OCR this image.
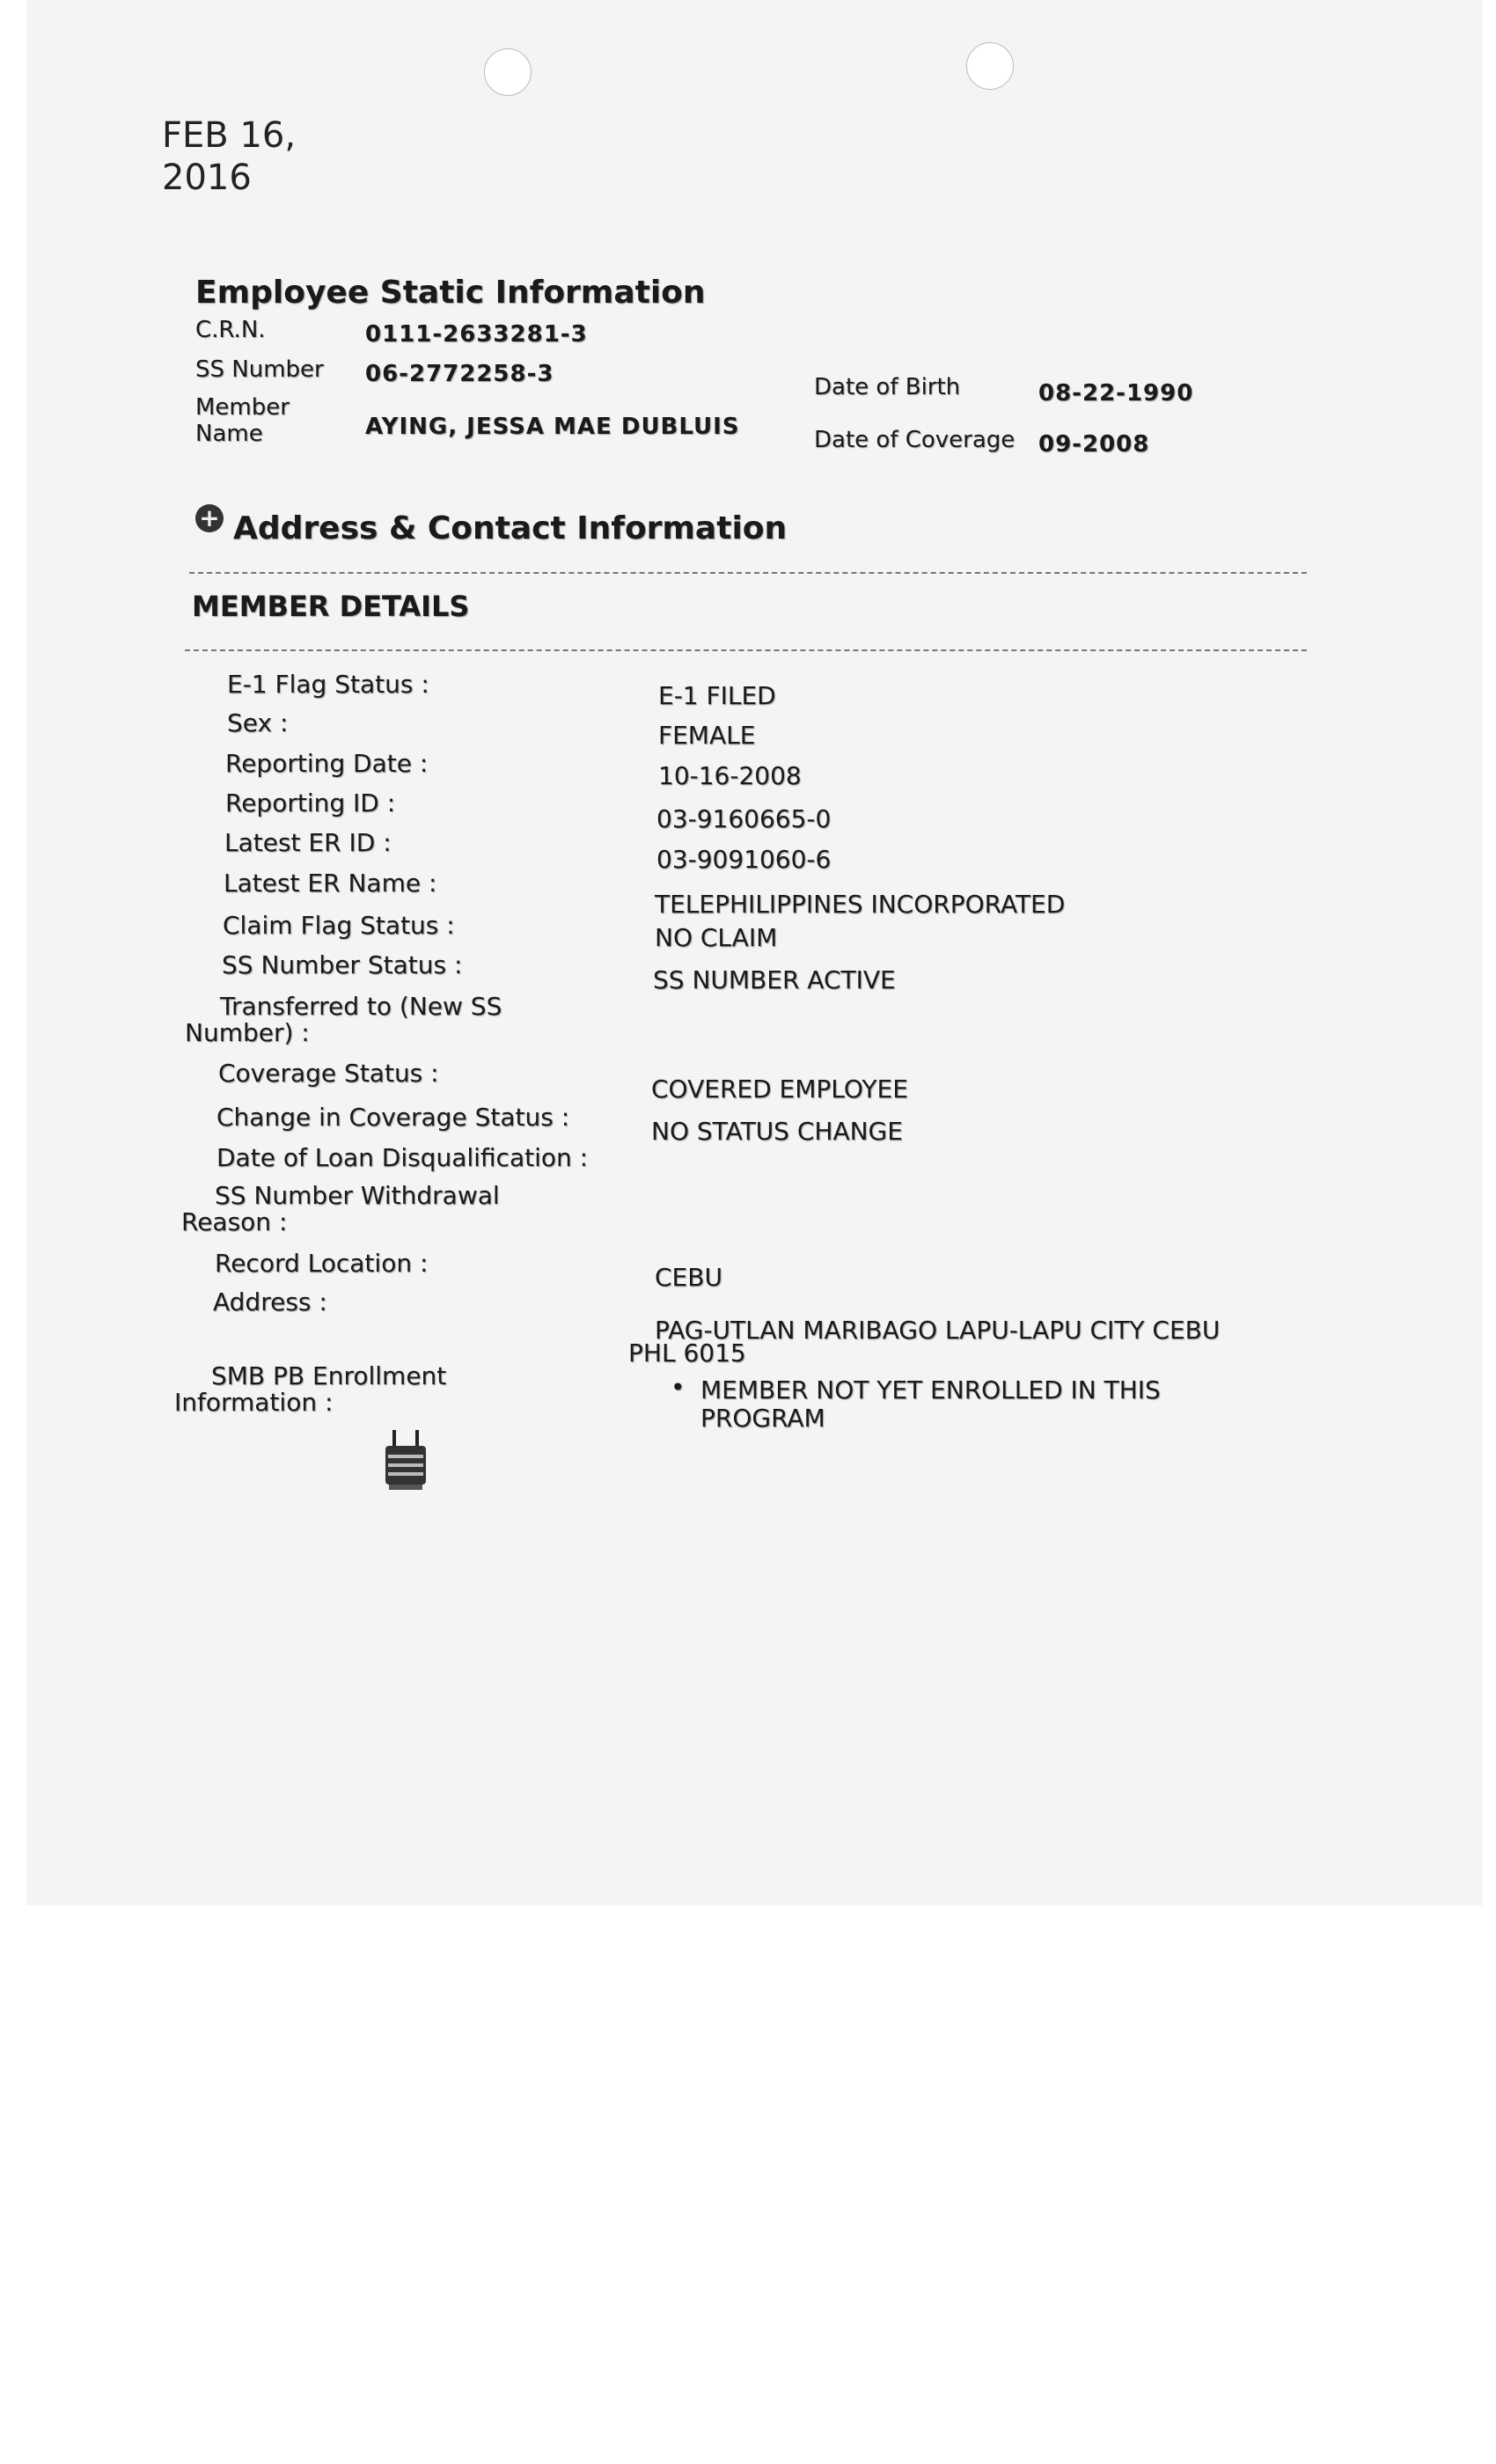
FEB 16,
2016
Employee Static Information
C.R.N.	0111-2633281-3
SS Number 06-2772258-3
Member
Name	AYING, JESSA MAE DUBLUIS
Date of Birth	08-22-1990
Date of Coverage 09-2008
+ Address & Contact Information
MEMBER DETAILS
E-1 Flag Status :	E-1 FILED
Sex :	FEMALE
Reporting Date :	10-16-2008
Reporting ID :
03-9160665-0
Latest ER ID :
03-9091060-6
Latest ER Name :
TELEPHILIPPINES INCORPORATED
Claim Flag Status :	NO CLAIM
SS Number Status :
SS NUMBER ACTIVE
Transferred to (New SS
Number) :
Coverage Status :
COVERED EMPLOYEE
Change in Coverage Status :	NO STATUS CHANGE
Date of Loan Disqualification :
SS Number Withdrawal
Reason :
Record Location :	CEBU
Address :
PAG-UTLAN MARIBAGO LAPU-LAPU CITY CEBU
PHL 6015
SMB PB Enrollment
Information :
• MEMBER NOT YET ENROLLED IN THIS PROGRAM
